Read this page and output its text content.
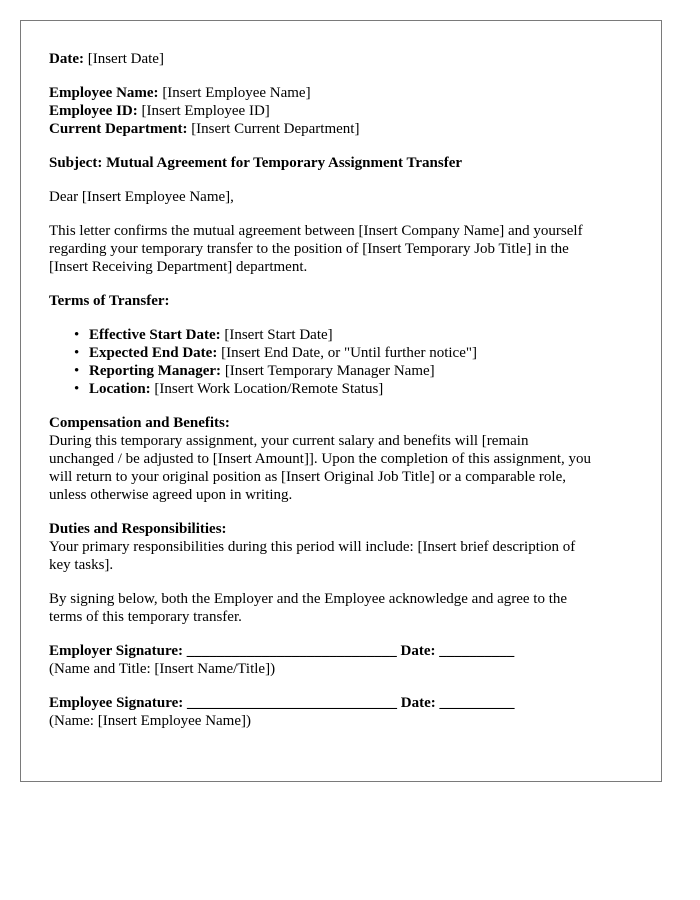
Date: [Insert Date]

Employee Name: [Insert Employee Name]

Employee ID: [Insert Employee ID]

Current Department: [Insert Current Department]

Subject: Mutual Agreement for Temporary Assignment Transfer

Dear [Insert Employee Name],

This letter confirms the mutual agreement between [Insert Company Name] and yourself

regarding your temporary transfer to the position of [Insert Temporary Job Title] in the

[Insert Receiving Department] department.

Terms of Transfer:

• Effective Start Date: [Insert Start Date]
• Expected End Date: [Insert End Date, or "Until further notice"]
• Reporting Manager: [Insert Temporary Manager Name]
• Location: [Insert Work Location/Remote Status]

Compensation and Benefits:

During this temporary assignment, your current salary and benefits will [remain

unchanged / be adjusted to [Insert Amount]]. Upon the completion of this assignment, you

will return to your original position as [Insert Original Job Title] or a comparable role,

unless otherwise agreed upon in writing.

Duties and Responsibilities:

Your primary responsibilities during this period will include: [Insert brief description of

key tasks].

By signing below, both the Employer and the Employee acknowledge and agree to the

terms of this temporary transfer.

Employer Signature: ____________________________ Date: __________

(Name and Title: [Insert Name/Title])

Employee Signature: ____________________________ Date: __________

(Name: [Insert Employee Name])
